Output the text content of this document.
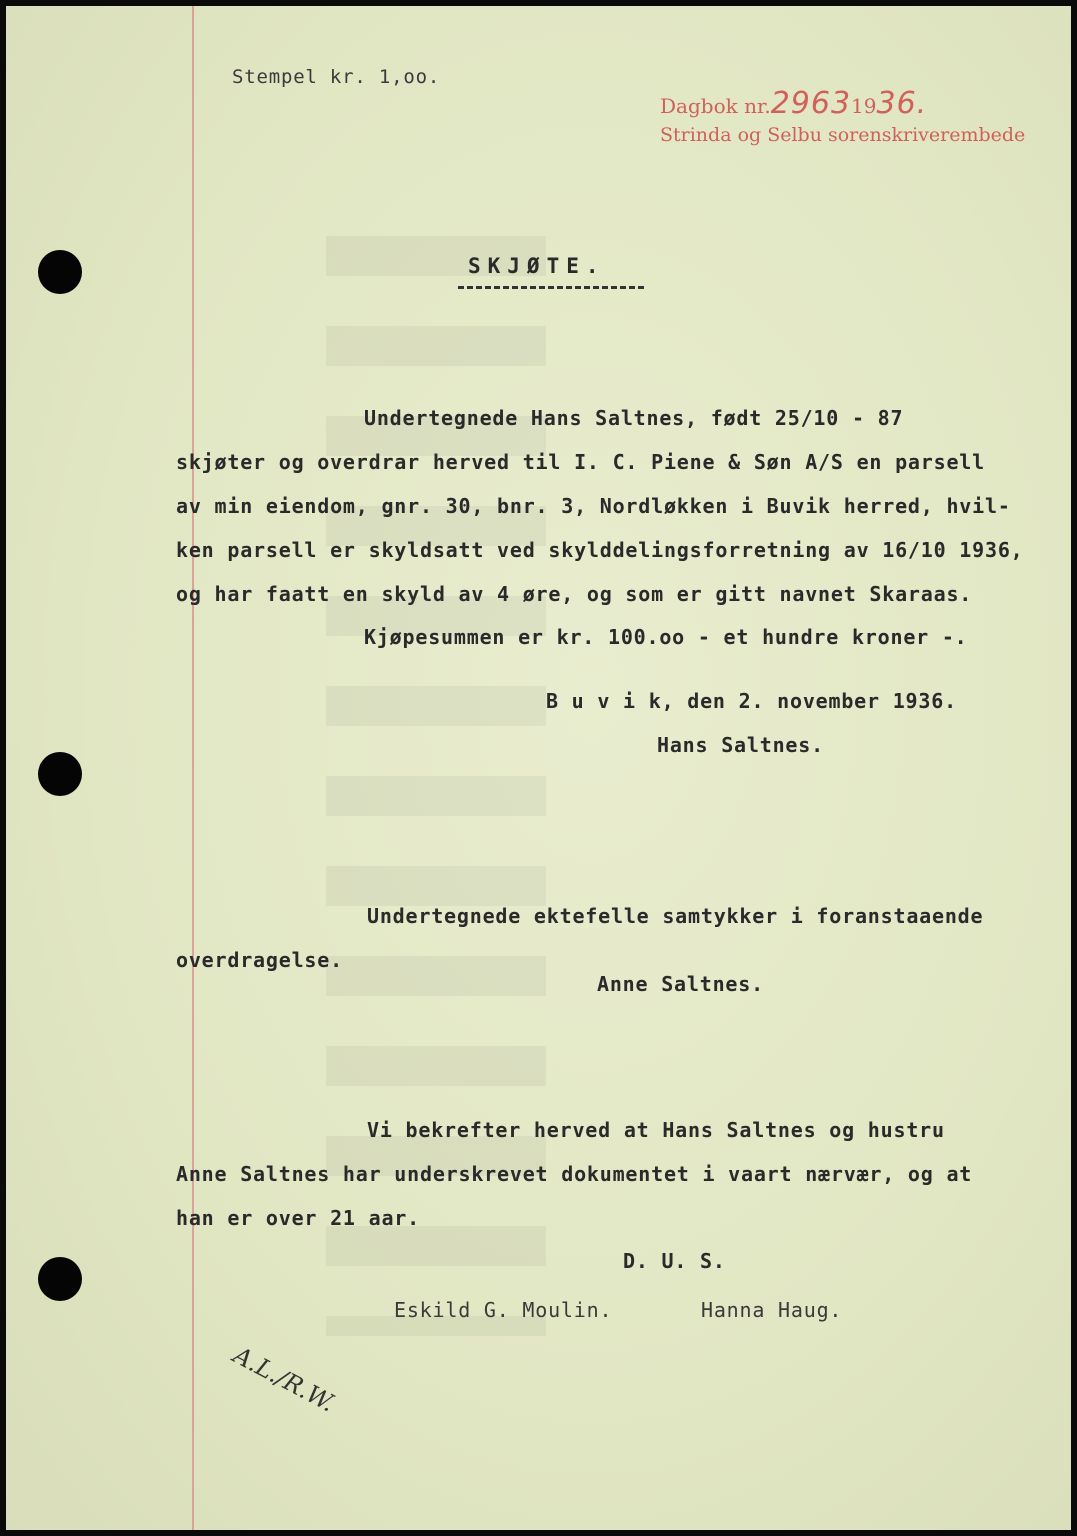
Stempel kr. 1,oo.
Dagbok nr.29631936.
Strinda og Selbu sorenskriverembede
SKJØTE.
Undertegnede Hans Saltnes, født 25/10 - 87
skjøter og overdrar herved til I. C. Piene & Søn A/S en parsell
av min eiendom, gnr. 30, bnr. 3, Nordløkken i Buvik herred, hvil-
ken parsell er skyldsatt ved skylddelingsforretning av 16/10 1936,
og har faatt en skyld av 4 øre, og som er gitt navnet Skaraas.
Kjøpesummen er kr. 100.oo - et hundre kroner -.
B u v i k, den 2. november 1936.
Hans Saltnes.
Undertegnede ektefelle samtykker i foranstaaende
overdragelse.
Anne Saltnes.
Vi bekrefter herved at Hans Saltnes og hustru
Anne Saltnes har underskrevet dokumentet i vaart nærvær, og at
han er over 21 aar.
D. U. S.
Eskild G. Moulin.	Hanna Haug.
A.L./R.W.
